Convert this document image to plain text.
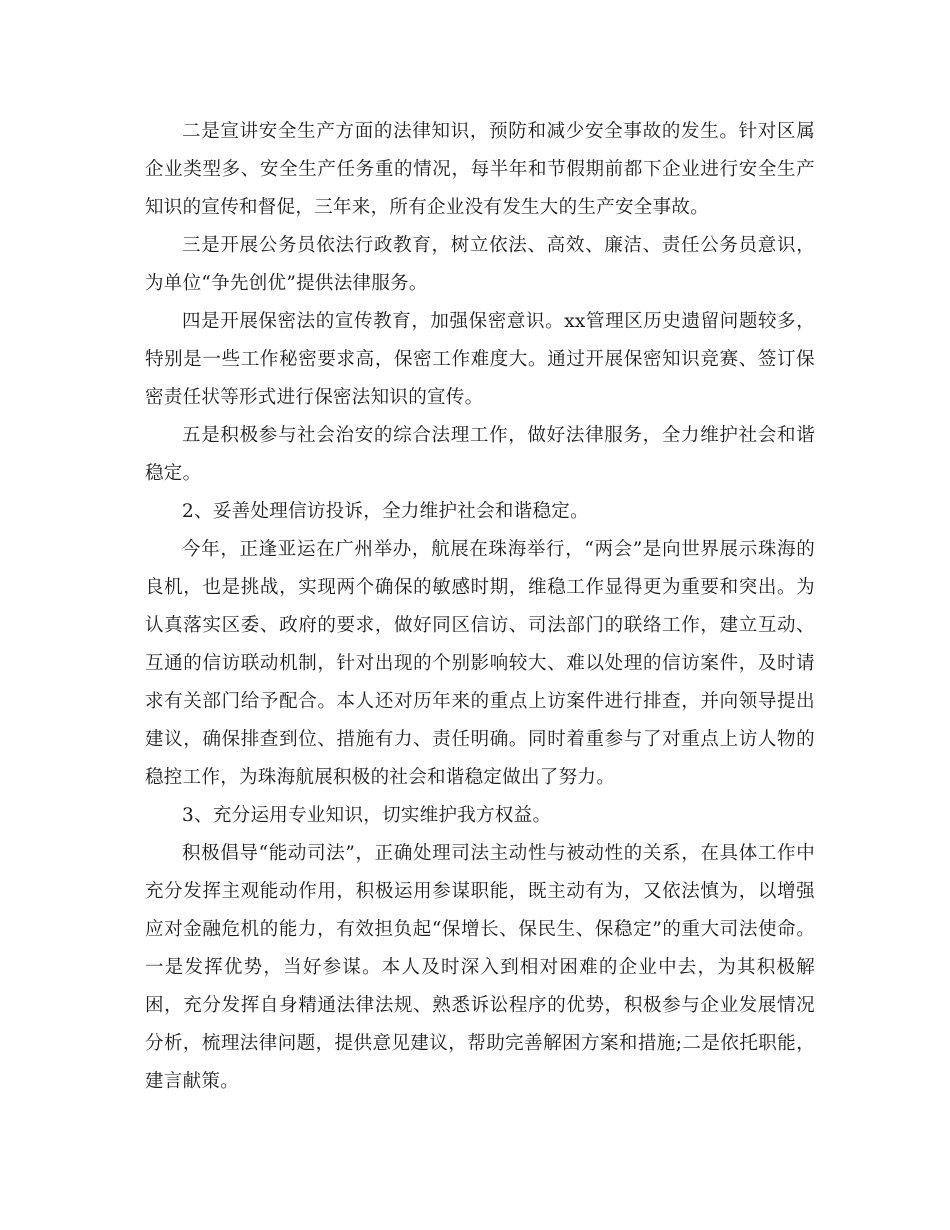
二是宣讲安全生产方面的法律知识，预防和减少安全事故的发生。针对区属企业类型多、安全生产任务重的情况，每半年和节假期前都下企业进行安全生产知识的宣传和督促，三年来，所有企业没有发生大的生产安全事故。

三是开展公务员依法行政教育，树立依法、高效、廉洁、责任公务员意识，为单位“争先创优”提供法律服务。

四是开展保密法的宣传教育，加强保密意识。xx管理区历史遗留问题较多，特别是一些工作秘密要求高，保密工作难度大。通过开展保密知识竞赛、签订保密责任状等形式进行保密法知识的宣传。

五是积极参与社会治安的综合法理工作，做好法律服务，全力维护社会和谐稳定。

2、妥善处理信访投诉，全力维护社会和谐稳定。

今年，正逢亚运在广州举办，航展在珠海举行，“两会”是向世界展示珠海的良机，也是挑战，实现两个确保的敏感时期，维稳工作显得更为重要和突出。为认真落实区委、政府的要求，做好同区信访、司法部门的联络工作，建立互动、互通的信访联动机制，针对出现的个别影响较大、难以处理的信访案件，及时请求有关部门给予配合。本人还对历年来的重点上访案件进行排查，并向领导提出建议，确保排查到位、措施有力、责任明确。同时着重参与了对重点上访人物的稳控工作，为珠海航展积极的社会和谐稳定做出了努力。

3、充分运用专业知识，切实维护我方权益。

积极倡导“能动司法”，正确处理司法主动性与被动性的关系，在具体工作中充分发挥主观能动作用，积极运用参谋职能，既主动有为，又依法慎为，以增强应对金融危机的能力，有效担负起“保增长、保民生、保稳定”的重大司法使命。一是发挥优势，当好参谋。本人及时深入到相对困难的企业中去，为其积极解困，充分发挥自身精通法律法规、熟悉诉讼程序的优势，积极参与企业发展情况分析，梳理法律问题，提供意见建议，帮助完善解困方案和措施;二是依托职能，建言献策。
